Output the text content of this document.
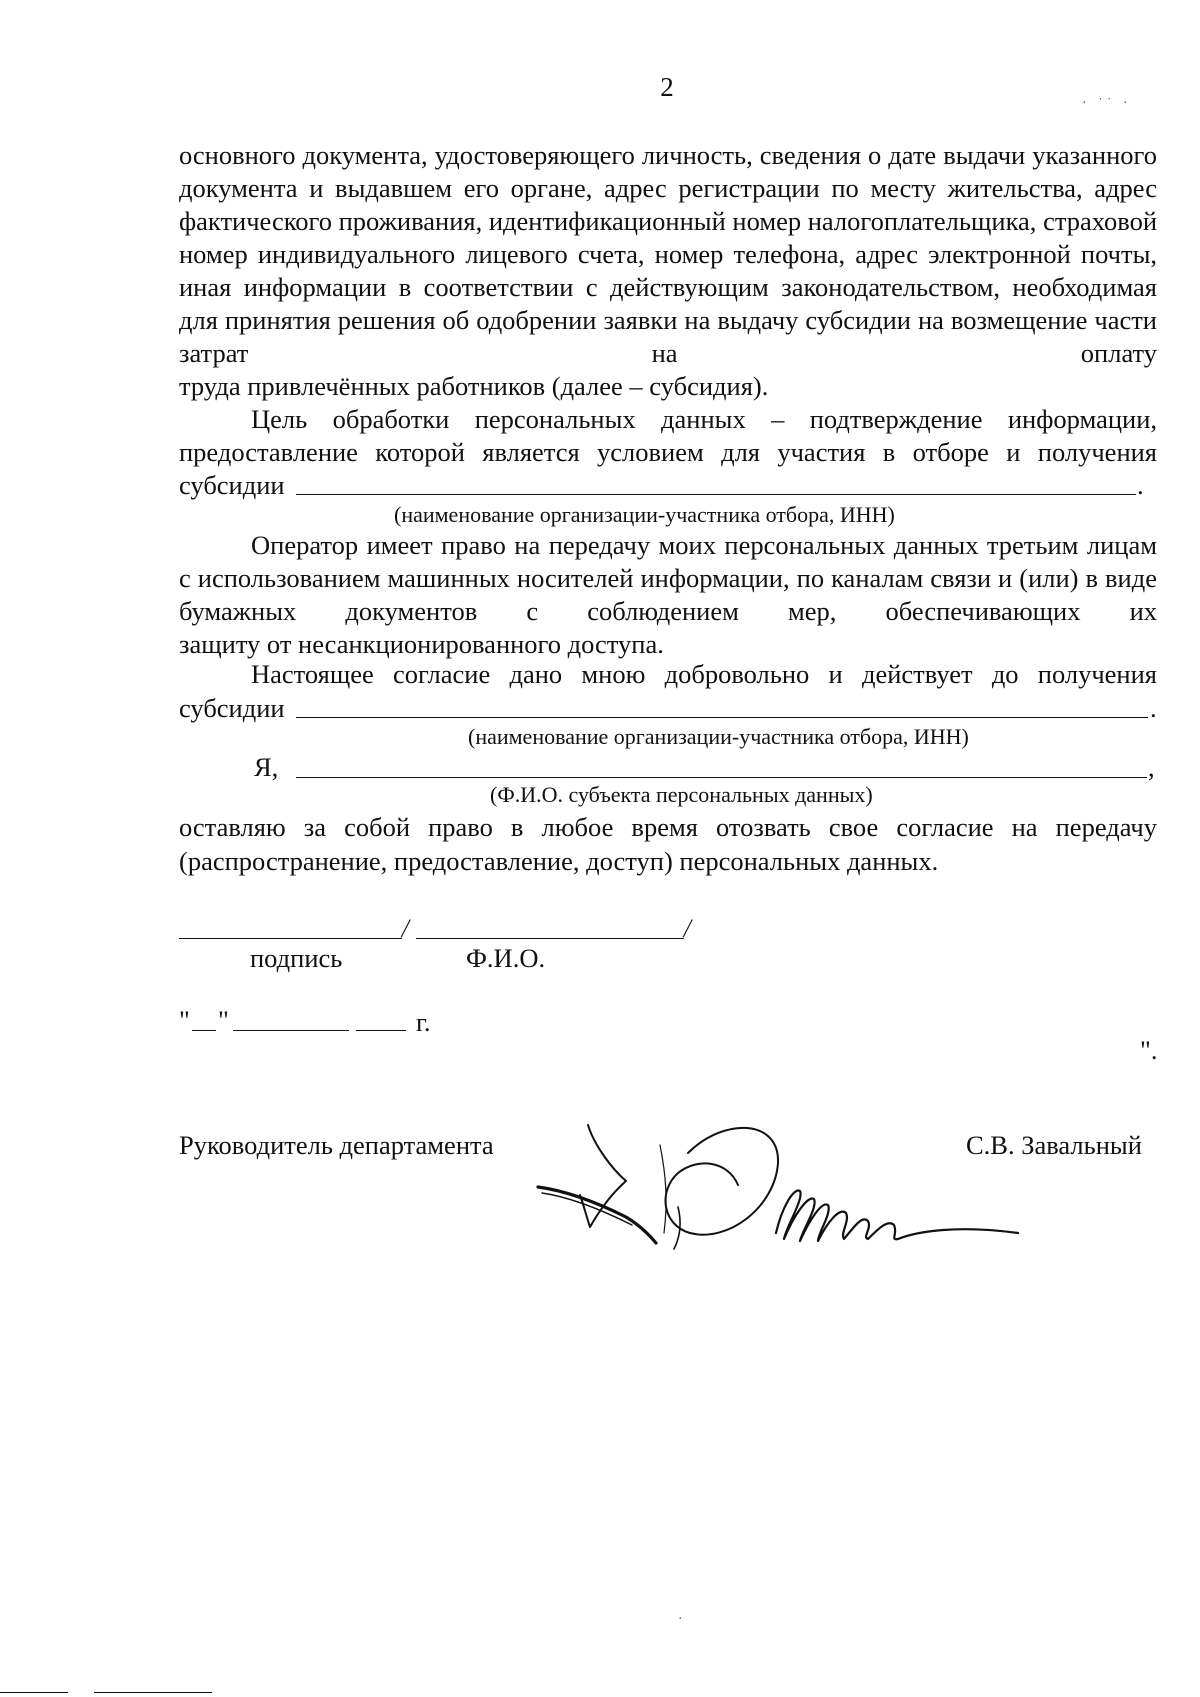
2
· ˙˙ ·
основного документа, удостоверяющего личность, сведения о дате выдачи указанного документа и выдавшем его органе, адрес регистрации по месту жительства, адрес фактического проживания, идентификационный номер налогоплательщика, страховой номер индивидуального лицевого счета, номер телефона, адрес электронной почты, иная информации в соответствии с действующим законодательством, необходимая для принятия решения об одобрении заявки на выдачу субсидии на возмещение части затрат на оплату
труда привлечённых работников (далее – субсидия).
Цель обработки персональных данных – подтверждение информации, предоставление которой является условием для участия в отборе и получения
субсидии	.
(наименование организации-участника отбора, ИНН)
Оператор имеет право на передачу моих персональных данных третьим лицам с использованием машинных носителей информации, по каналам связи и (или) в виде бумажных документов с соблюдением мер, обеспечивающих их
защиту от несанкционированного доступа.
Настоящее согласие дано мною добровольно и действует до получения
субсидии	.
(наименование организации-участника отбора, ИНН)
Я,	,
(Ф.И.О. субъекта персональных данных)
оставляю за собой право в любое время отозвать свое согласие на передачу
(распространение, предоставление, доступ) персональных данных.
/	/
подпись	Ф.И.О.
" "	г.
".
Руководитель департамента	С.В. Завальный
·
